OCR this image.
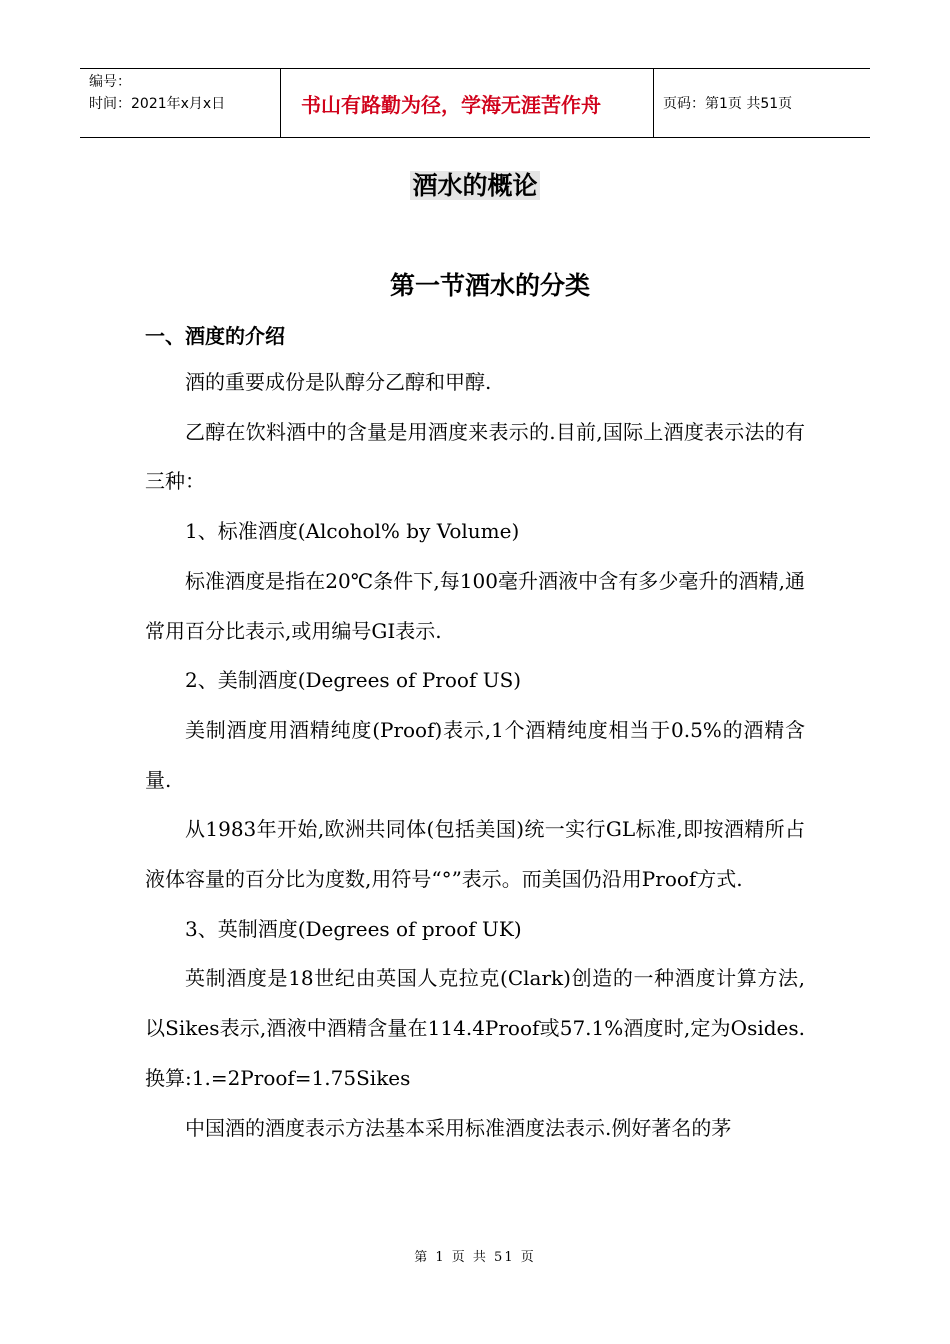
编号：
时间：2021年x月x日	书山有路勤为径，学海无涯苦作舟	页码：第1页 共51页
酒水的概论
第一节酒水的分类
一、酒度的介绍

酒的重要成份是队醇分乙醇和甲醇.

乙醇在饮料酒中的含量是用酒度来表示的.目前,国际上酒度表示法的有三种：

1、标准酒度(Alcohol% by Volume)

标准酒度是指在20℃条件下,每100毫升酒液中含有多少毫升的酒精,通常用百分比表示,或用编号GI表示.

2、美制酒度(Degrees of Proof US)

美制酒度用酒精纯度(Proof)表示,1个酒精纯度相当于0.5%的酒精含量.

从1983年开始,欧洲共同体(包括美国)统一实行GL标准,即按酒精所占液体容量的百分比为度数,用符号“°”表示。而美国仍沿用Proof方式.

3、英制酒度(Degrees of proof UK)

英制酒度是18世纪由英国人克拉克(Clark)创造的一种酒度计算方法,以Sikes表示,酒液中酒精含量在114.4Proof或57.1%酒度时,定为Osides.换算:1.=2Proof=1.75Sikes

中国酒的酒度表示方法基本采用标准酒度法表示.例好著名的茅

第 1 页 共 51 页
